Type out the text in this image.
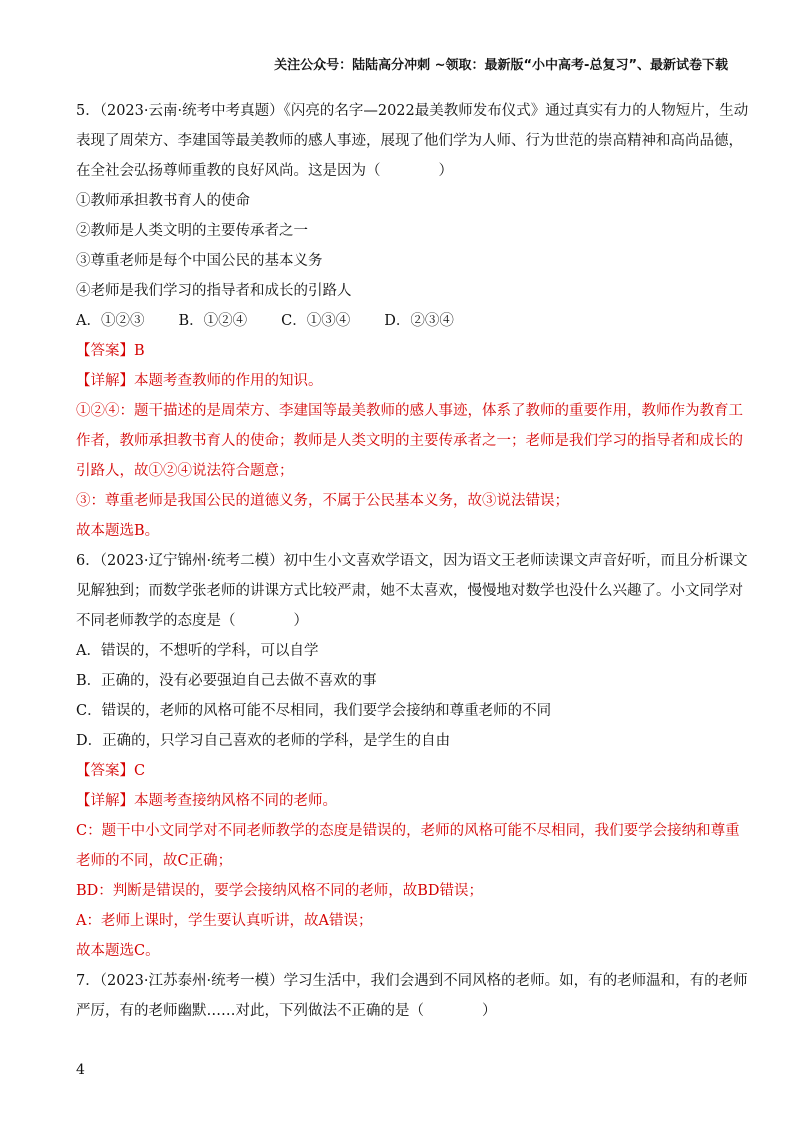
关注公众号：陆陆高分冲刺 ~领取：最新版“小中高考-总复习”、最新试卷下载
5．（2023·云南·统考中考真题）《闪亮的名字—2022最美教师发布仪式》通过真实有力的人物短片，生动
表现了周荣方、李建国等最美教师的感人事迹，展现了他们学为人师、行为世范的崇高精神和高尚品德，
在全社会弘扬尊师重教的良好风尚。这是因为（　　　　）
①教师承担教书育人的使命
②教师是人类文明的主要传承者之一
③尊重老师是每个中国公民的基本义务
④老师是我们学习的指导者和成长的引路人
A．①②③ B．①②④ C．①③④ D．②③④
【答案】B
【详解】本题考查教师的作用的知识。
①②④：题干描述的是周荣方、李建国等最美教师的感人事迹，体系了教师的重要作用，教师作为教育工
作者，教师承担教书育人的使命；教师是人类文明的主要传承者之一；老师是我们学习的指导者和成长的
引路人，故①②④说法符合题意；
③：尊重老师是我国公民的道德义务，不属于公民基本义务，故③说法错误；
故本题选B。
6．（2023·辽宁锦州·统考二模）初中生小文喜欢学语文，因为语文王老师读课文声音好听，而且分析课文
见解独到；而数学张老师的讲课方式比较严肃，她不太喜欢，慢慢地对数学也没什么兴趣了。小文同学对
不同老师教学的态度是（　　　　）
A．错误的，不想听的学科，可以自学
B．正确的，没有必要强迫自己去做不喜欢的事
C．错误的，老师的风格可能不尽相同，我们要学会接纳和尊重老师的不同
D．正确的，只学习自己喜欢的老师的学科，是学生的自由
【答案】C
【详解】本题考查接纳风格不同的老师。
C：题干中小文同学对不同老师教学的态度是错误的，老师的风格可能不尽相同，我们要学会接纳和尊重
老师的不同，故C正确；
BD：判断是错误的，要学会接纳风格不同的老师，故BD错误；
A：老师上课时，学生要认真听讲，故A错误；
故本题选C。
7．（2023·江苏泰州·统考一模）学习生活中，我们会遇到不同风格的老师。如，有的老师温和，有的老师
严厉，有的老师幽默……对此，下列做法不正确的是（　　　　）
4
